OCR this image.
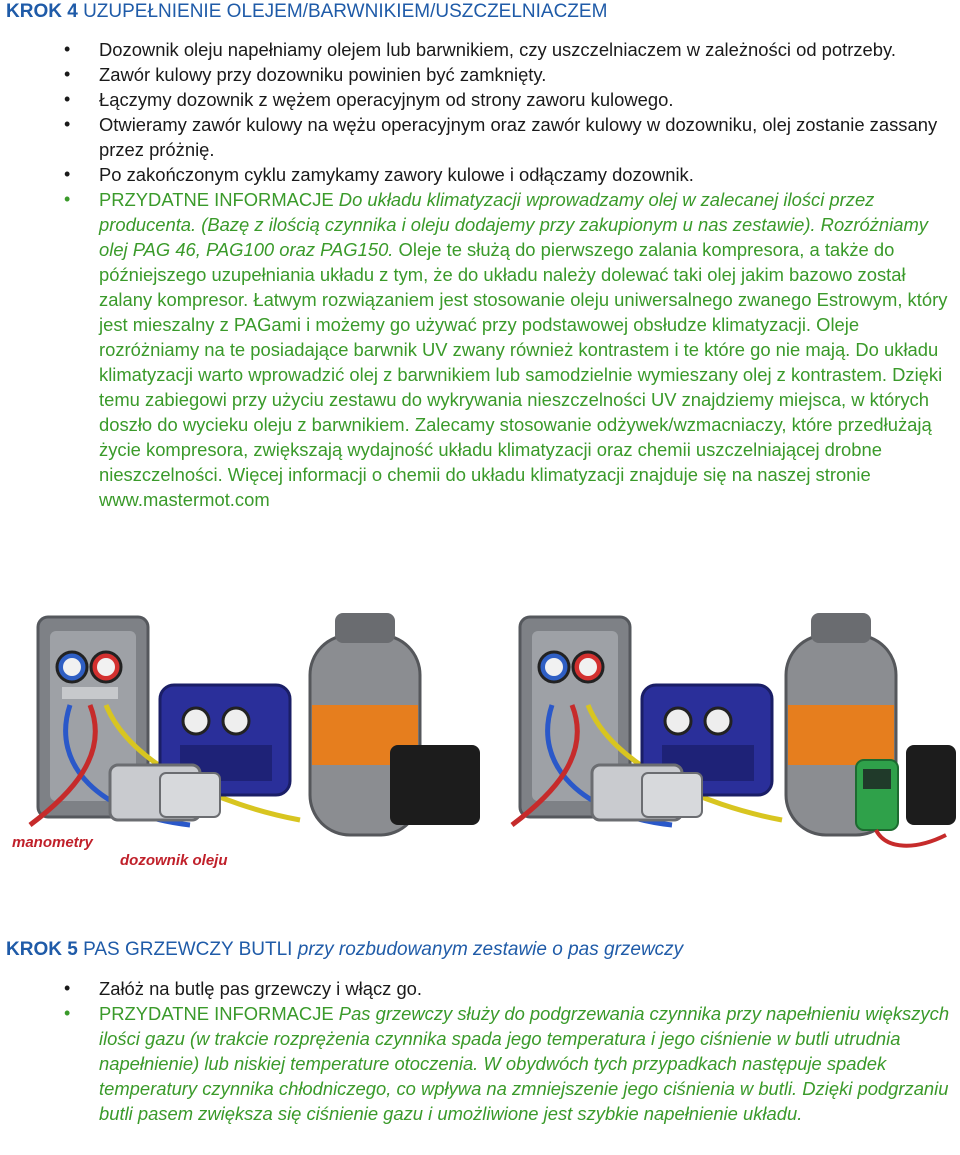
KROK 4 UZUPEŁNIENIE OLEJEM/BARWNIKIEM/USZCZELNIACZEM
• Dozownik oleju napełniamy olejem lub barwnikiem, czy uszczelniaczem w zależności od potrzeby.
• Zawór kulowy przy dozowniku powinien być zamknięty.
• Łączymy dozownik z wężem operacyjnym od strony zaworu kulowego.
• Otwieramy zawór kulowy na wężu operacyjnym oraz zawór kulowy w dozowniku, olej zostanie zassany przez próżnię.
• Po zakończonym cyklu zamykamy zawory kulowe i odłączamy dozownik.
• PRZYDATNE INFORMACJE Do układu klimatyzacji wprowadzamy olej w zalecanej ilości przez producenta. (Bazę z ilością czynnika i oleju dodajemy przy zakupionym u nas zestawie). Rozróżniamy olej PAG 46, PAG100 oraz PAG150. Oleje te służą do pierwszego zalania kompresora, a także do późniejszego uzupełniania układu z tym, że do układu należy dolewać taki olej jakim bazowo został zalany kompresor. Łatwym rozwiązaniem jest stosowanie oleju uniwersalnego zwanego Estrowym, który jest mieszalny z PAGami i możemy go używać przy podstawowej obsłudze klimatyzacji. Oleje rozróżniamy na te posiadające barwnik UV zwany również kontrastem i te które go nie mają. Do układu klimatyzacji warto wprowadzić olej z barwnikiem lub samodzielnie wymieszany olej z kontrastem. Dzięki temu zabiegowi przy użyciu zestawu do wykrywania nieszczelności UV znajdziemy miejsca, w których doszło do wycieku oleju z barwnikiem. Zalecamy stosowanie odżywek/wzmacniaczy, które przedłużają życie kompresora, zwiększają wydajność układu klimatyzacji oraz chemii uszczelniającej drobne nieszczelności. Więcej informacji o chemii do układu klimatyzacji znajduje się na naszej stronie www.mastermot.com
manometry
dozownik oleju
KROK 5 PAS GRZEWCZY BUTLI przy rozbudowanym zestawie o pas grzewczy
• Załóż na butlę pas grzewczy i włącz go.
• PRZYDATNE INFORMACJE Pas grzewczy służy do podgrzewania czynnika przy napełnieniu większych ilości gazu (w trakcie rozprężenia czynnika spada jego temperatura i jego ciśnienie w butli utrudnia napełnienie) lub niskiej temperature otoczenia. W obydwóch tych przypadkach następuje spadek temperatury czynnika chłodniczego, co wpływa na zmniejszenie jego ciśnienia w butli. Dzięki podgrzaniu butli pasem zwiększa się ciśnienie gazu i umożliwione jest szybkie napełnienie układu.
